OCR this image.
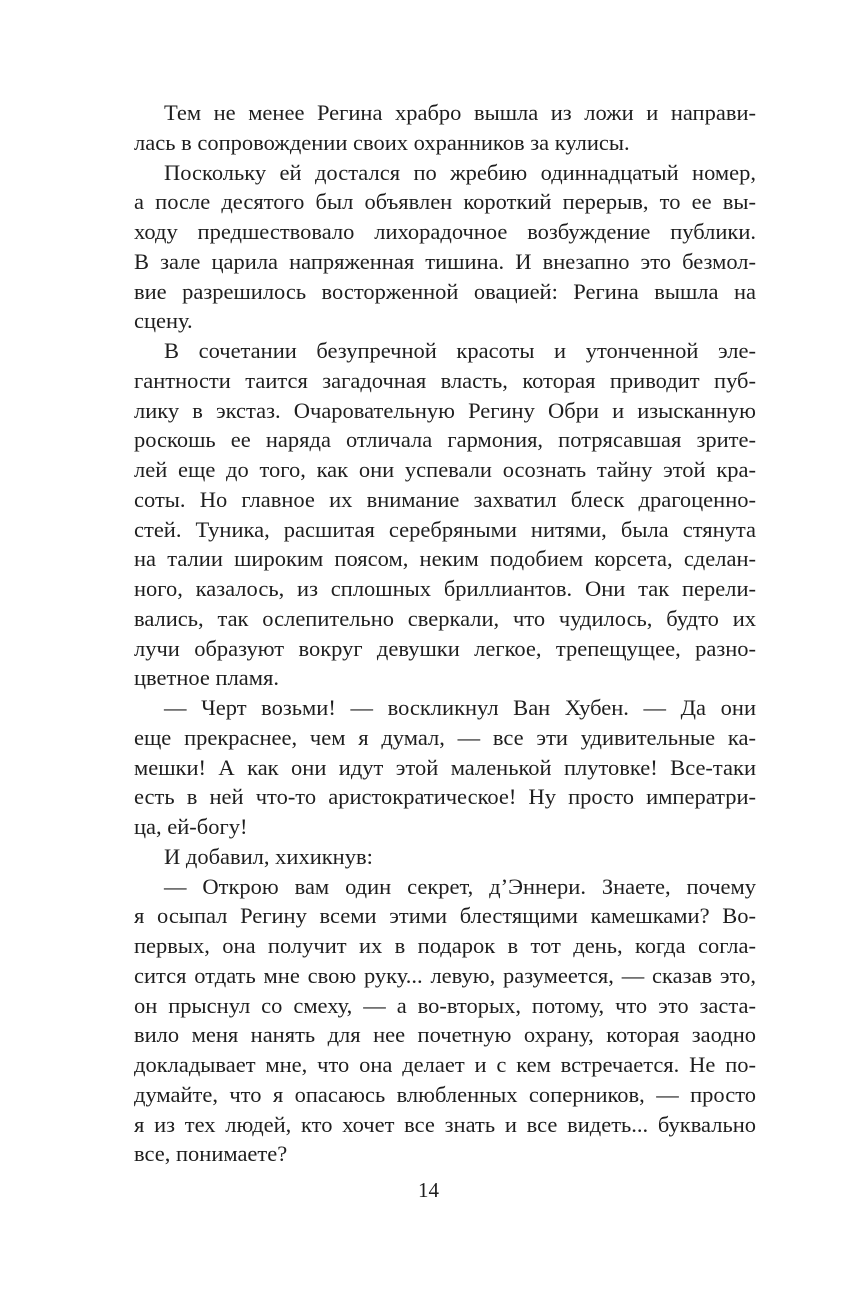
Тем не менее Регина храбро вышла из ложи и направи-
лась в сопровождении своих охранников за кулисы.
Поскольку ей достался по жребию одиннадцатый номер,
а после десятого был объявлен короткий перерыв, то ее вы-
ходу предшествовало лихорадочное возбуждение публики.
В зале царила напряженная тишина. И внезапно это безмол-
вие разрешилось восторженной овацией: Регина вышла на
сцену.
В сочетании безупречной красоты и утонченной эле-
гантности таится загадочная власть, которая приводит пуб-
лику в экстаз. Очаровательную Регину Обри и изысканную
роскошь ее наряда отличала гармония, потрясавшая зрите-
лей еще до того, как они успевали осознать тайну этой кра-
соты. Но главное их внимание захватил блеск драгоценно-
стей. Туника, расшитая серебряными нитями, была стянута
на талии широким поясом, неким подобием корсета, сделан-
ного, казалось, из сплошных бриллиантов. Они так перели-
вались, так ослепительно сверкали, что чудилось, будто их
лучи образуют вокруг девушки легкое, трепещущее, разно-
цветное пламя.
— Черт возьми! — воскликнул Ван Хубен. — Да они
еще прекраснее, чем я думал, — все эти удивительные ка-
мешки! А как они идут этой маленькой плутовке! Все-таки
есть в ней что-то аристократическое! Ну просто императри-
ца, ей-богу!
И добавил, хихикнув:
— Открою вам один секрет, д’Эннери. Знаете, почему
я осыпал Регину всеми этими блестящими камешками? Во-
первых, она получит их в подарок в тот день, когда согла-
сится отдать мне свою руку... левую, разумеется, — сказав это,
он прыснул со смеху, — а во-вторых, потому, что это заста-
вило меня нанять для нее почетную охрану, которая заодно
докладывает мне, что она делает и с кем встречается. Не по-
думайте, что я опасаюсь влюбленных соперников, — просто
я из тех людей, кто хочет все знать и все видеть... буквально
все, понимаете?
14
